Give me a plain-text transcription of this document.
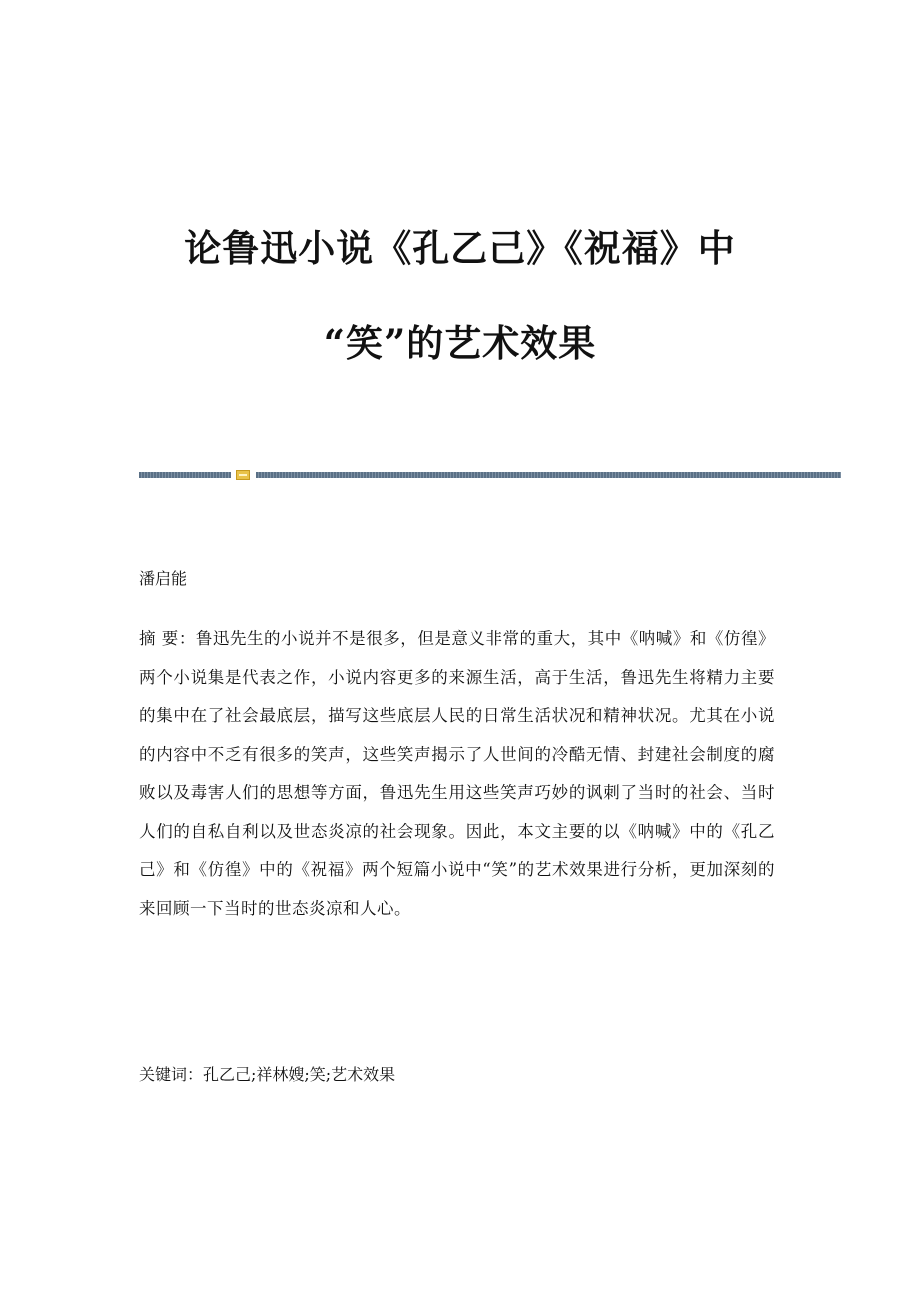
论鲁迅小说《孔乙己》《祝福》中
“笑”的艺术效果

潘启能

摘 要：鲁迅先生的小说并不是很多，但是意义非常的重大，其中《呐喊》和《仿徨》两个小说集是代表之作，小说内容更多的来源生活，高于生活，鲁迅先生将精力主要的集中在了社会最底层，描写这些底层人民的日常生活状况和精神状况。尤其在小说的内容中不乏有很多的笑声，这些笑声揭示了人世间的冷酷无情、封建社会制度的腐败以及毒害人们的思想等方面，鲁迅先生用这些笑声巧妙的讽刺了当时的社会、当时人们的自私自利以及世态炎凉的社会现象。因此，本文主要的以《呐喊》中的《孔乙己》和《仿徨》中的《祝福》两个短篇小说中“笑”的艺术效果进行分析，更加深刻的来回顾一下当时的世态炎凉和人心。

关键词：孔乙己;祥林嫂;笑;艺术效果
